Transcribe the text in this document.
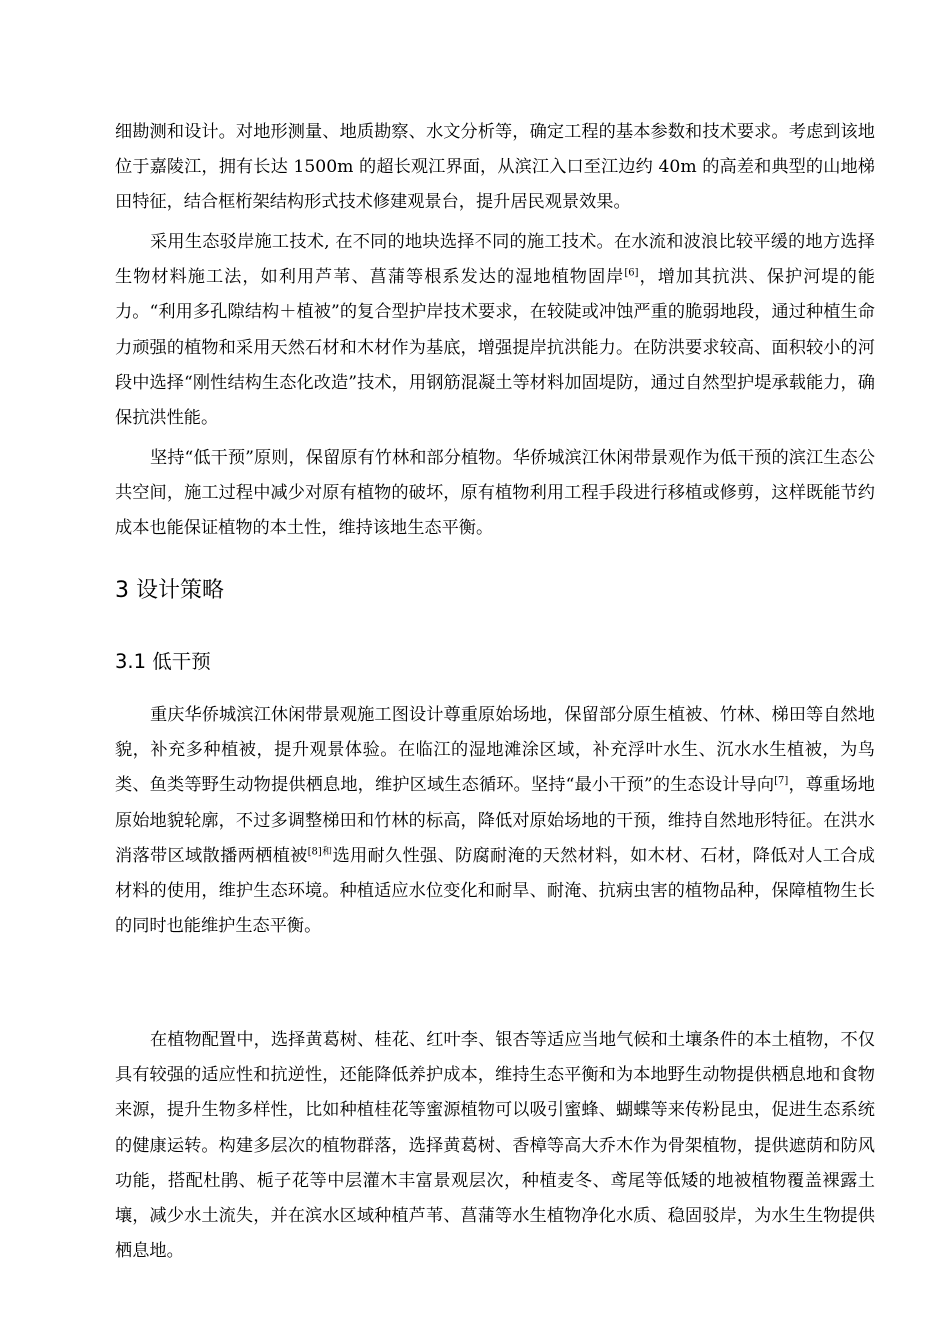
细勘测和设计。对地形测量、地质勘察、水文分析等，确定工程的基本参数和技术要求。考虑到该地位于嘉陵江，拥有长达 1500m 的超长观江界面，从滨江入口至江边约 40m 的高差和典型的山地梯田特征，结合框桁架结构形式技术修建观景台，提升居民观景效果。

采用生态驳岸施工技术, 在不同的地块选择不同的施工技术。在水流和波浪比较平缓的地方选择生物材料施工法，如利用芦苇、菖蒲等根系发达的湿地植物固岸[6]，增加其抗洪、保护河堤的能力。“利用多孔隙结构＋植被”的复合型护岸技术要求，在较陡或冲蚀严重的脆弱地段，通过种植生命力顽强的植物和采用天然石材和木材作为基底，增强提岸抗洪能力。在防洪要求较高、面积较小的河段中选择“刚性结构生态化改造”技术，用钢筋混凝土等材料加固堤防，通过自然型护堤承载能力，确保抗洪性能。

坚持“低干预”原则，保留原有竹林和部分植物。华侨城滨江休闲带景观作为低干预的滨江生态公共空间，施工过程中减少对原有植物的破坏，原有植物利用工程手段进行移植或修剪，这样既能节约成本也能保证植物的本土性，维持该地生态平衡。

3 设计策略
3.1 低干预

重庆华侨城滨江休闲带景观施工图设计尊重原始场地，保留部分原生植被、竹林、梯田等自然地貌，补充多种植被，提升观景体验。在临江的湿地滩涂区域，补充浮叶水生、沉水水生植被，为鸟类、鱼类等野生动物提供栖息地，维护区域生态循环。坚持“最小干预”的生态设计导向[7]，尊重场地原始地貌轮廓，不过多调整梯田和竹林的标高，降低对原始场地的干预，维持自然地形特征。在洪水消落带区域散播两栖植被$^{[8]和}$选用耐久性强、防腐耐淹的天然材料，如木材、石材，降低对人工合成材料的使用，维护生态环境。种植适应水位变化和耐旱、耐淹、抗病虫害的植物品种，保障植物生长的同时也能维护生态平衡。

在植物配置中，选择黄葛树、桂花、红叶李、银杏等适应当地气候和土壤条件的本土植物，不仅具有较强的适应性和抗逆性，还能降低养护成本，维持生态平衡和为本地野生动物提供栖息地和食物来源，提升生物多样性，比如种植桂花等蜜源植物可以吸引蜜蜂、蝴蝶等来传粉昆虫，促进生态系统的健康运转。构建多层次的植物群落，选择黄葛树、香樟等高大乔木作为骨架植物，提供遮荫和防风功能，搭配杜鹃、栀子花等中层灌木丰富景观层次，种植麦冬、鸢尾等低矮的地被植物覆盖裸露土壤，减少水土流失，并在滨水区域种植芦苇、菖蒲等水生植物净化水质、稳固驳岸，为水生生物提供栖息地。
